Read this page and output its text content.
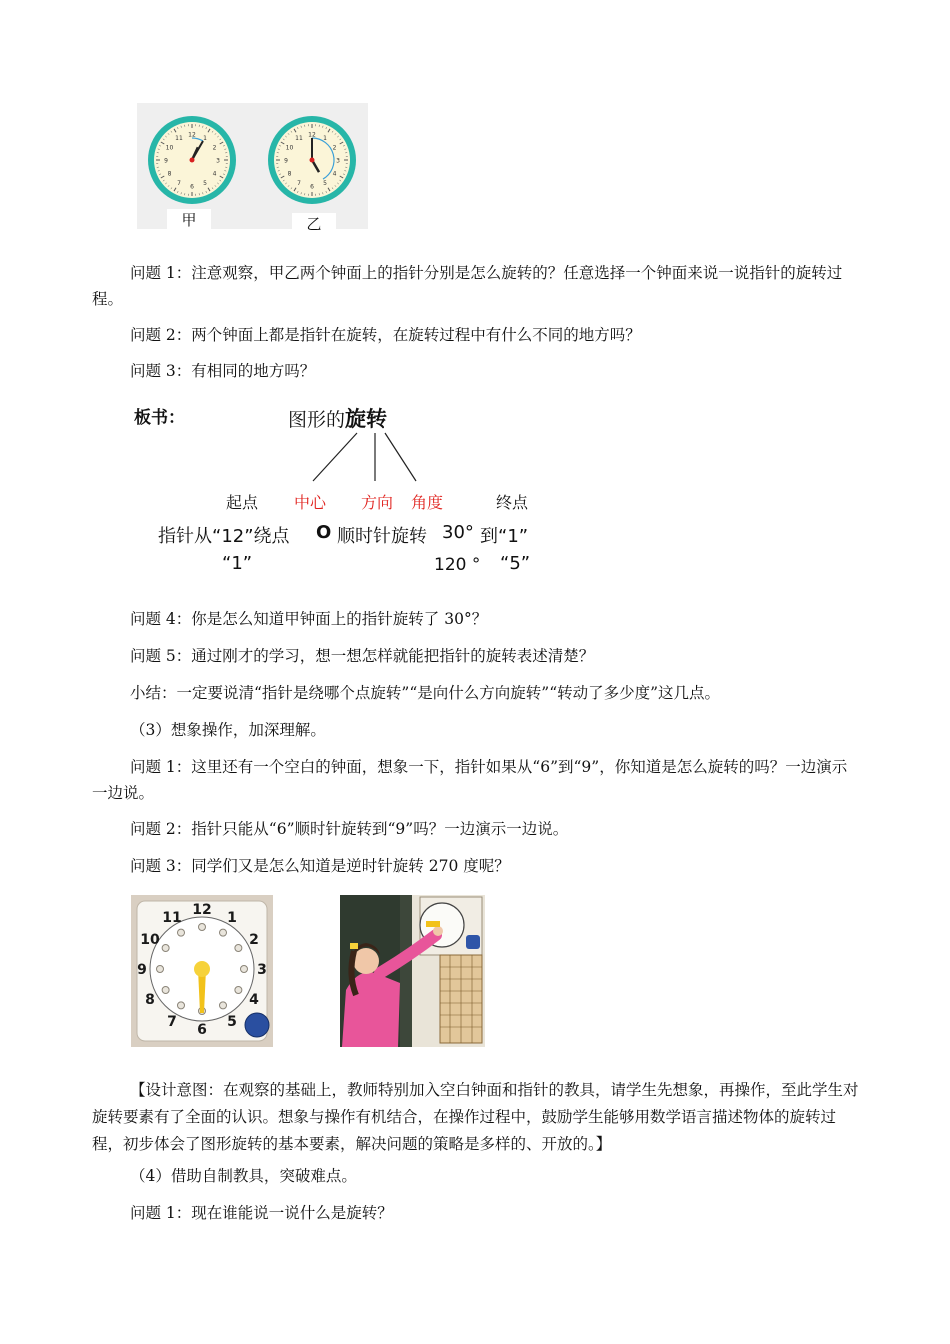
12 1
2
3
4
5
6
7
8
9
10
11	12 1
2
3
4
5
6
7
8
9
10
11
甲	乙
问题 1：注意观察，甲乙两个钟面上的指针分别是怎么旋转的？任意选择一个钟面来说一说指针的旋转过程。
问题 2：两个钟面上都是指针在旋转，在旋转过程中有什么不同的地方吗？
问题 3：有相同的地方吗？
板书：	图形的旋转
起点 中心 方向 角度	终点
指针从“12”绕点 O 顺时针旋转 30° 到“1”
“1”	120 ° “5”
问题 4：你是怎么知道甲钟面上的指针旋转了 30°？
问题 5：通过刚才的学习，想一想怎样就能把指针的旋转表述清楚？
小结：一定要说清“指针是绕哪个点旋转”“是向什么方向旋转”“转动了多少度”这几点。
（3）想象操作，加深理解。
问题 1：这里还有一个空白的钟面，想象一下，指针如果从“6”到“9”，你知道是怎么旋转的吗？一边演示一边说。
问题 2：指针只能从“6”顺时针旋转到“9”吗？一边演示一边说。
问题 3：同学们又是怎么知道是逆时针旋转 270 度呢？
12
1
2
3
4
5
6
7
8
9
10
11
【设计意图：在观察的基础上，教师特别加入空白钟面和指针的教具，请学生先想象，再操作，至此学生对旋转要素有了全面的认识。想象与操作有机结合，在操作过程中，鼓励学生能够用数学语言描述物体的旋转过程，初步体会了图形旋转的基本要素，解决问题的策略是多样的、开放的。】
（4）借助自制教具，突破难点。
问题 1：现在谁能说一说什么是旋转？
